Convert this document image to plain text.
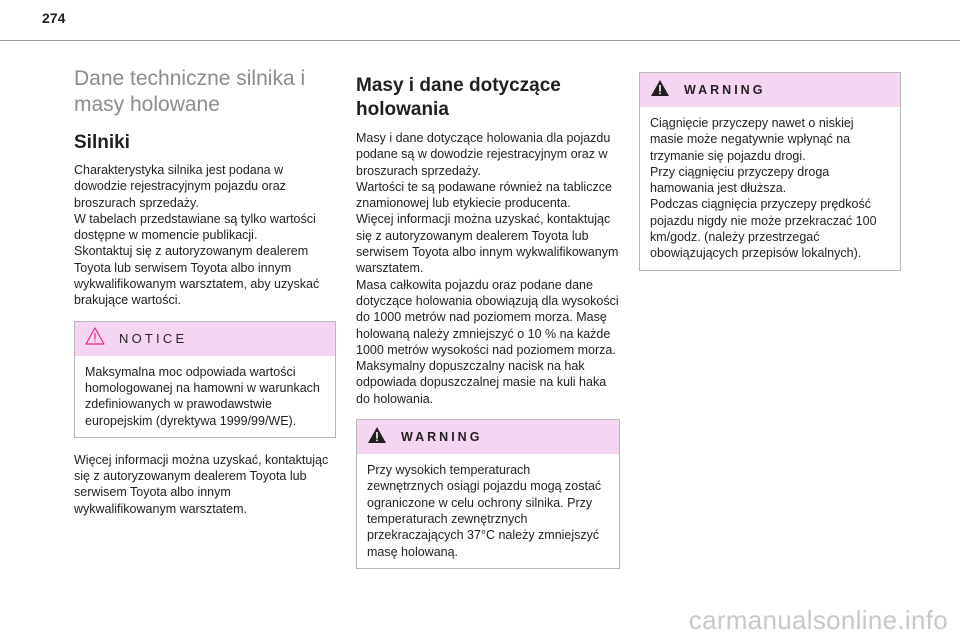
274
Dane techniczne silnika i
masy holowane
Silniki

Charakterystyka silnika jest podana w dowodzie rejestracyjnym pojazdu oraz broszurach sprzedaży.
W tabelach przedstawiane są tylko wartości dostępne w momencie publikacji.
Skontaktuj się z autoryzowanym dealerem Toyota lub serwisem Toyota albo innym wykwalifikowanym warsztatem, aby uzyskać brakujące wartości.

NOTICE
Maksymalna moc odpowiada wartości homologowanej na hamowni w warunkach zdefiniowanych w prawodawstwie europejskim (dyrektywa 1999/99/WE).

Więcej informacji można uzyskać, kontaktując się z autoryzowanym dealerem Toyota lub serwisem Toyota albo innym wykwalifikowanym warsztatem.

Masy i dane dotyczące holowania

Masy i dane dotyczące holowania dla pojazdu podane są w dowodzie rejestracyjnym oraz w broszurach sprzedaży.
Wartości te są podawane również na tabliczce znamionowej lub etykiecie producenta.
Więcej informacji można uzyskać, kontaktując się z autoryzowanym dealerem Toyota lub serwisem Toyota albo innym wykwalifikowanym warsztatem.
Masa całkowita pojazdu oraz podane dane dotyczące holowania obowiązują dla wysokości do 1000 metrów nad poziomem morza. Masę holowaną należy zmniejszyć o 10 % na każde 1000 metrów wysokości nad poziomem morza.
Maksymalny dopuszczalny nacisk na hak odpowiada dopuszczalnej masie na kuli haka do holowania.

WARNING
Przy wysokich temperaturach zewnętrznych osiągi pojazdu mogą zostać ograniczone w celu ochrony silnika. Przy temperaturach zewnętrznych przekraczających 37°C należy zmniejszyć masę holowaną.
WARNING
Ciągnięcie przyczepy nawet o niskiej masie może negatywnie wpłynąć na trzymanie się pojazdu drogi.
Przy ciągnięciu przyczepy droga hamowania jest dłuższa.
Podczas ciągnięcia przyczepy prędkość pojazdu nigdy nie może przekraczać 100 km/godz. (należy przestrzegać obowiązujących przepisów lokalnych).
carmanualsonline.info
